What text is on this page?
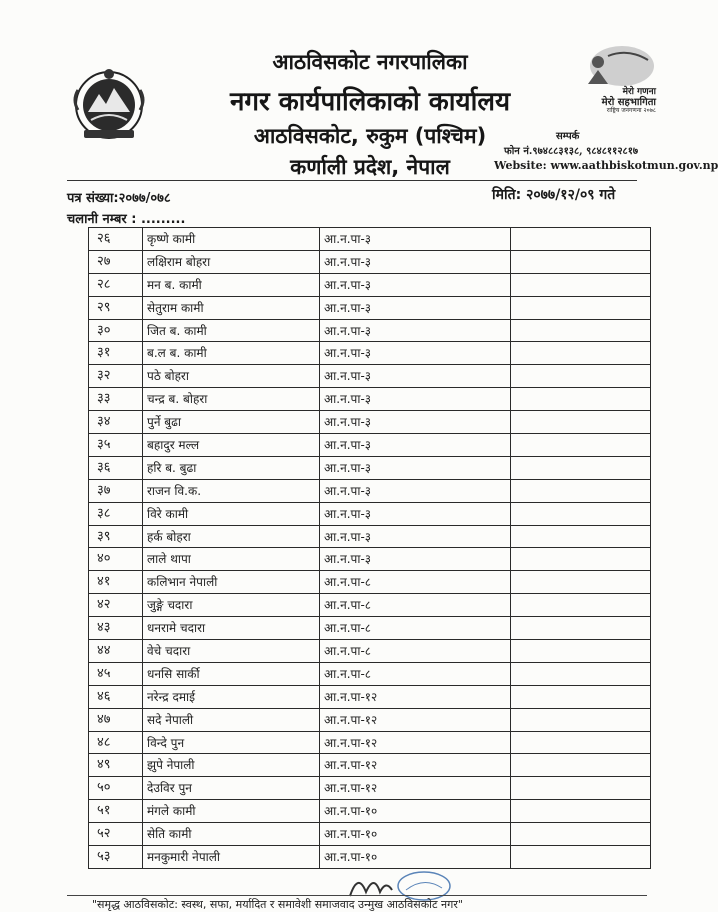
आठविसकोट नगरपालिका
नगर कार्यपालिकाको कार्यालय
आठविसकोट, रुकुम (पश्चिम)
कर्णाली प्रदेश, नेपाल
मेरो गणना
मेरो सहभागिता
राष्ट्रिय जनगणना २०७८
सम्पर्क
फोन नं.९७४८८३१३८, ९८४८११२८१७
Website: www.aathbiskotmun.gov.np
पत्र संख्या:२०७७/०७८	मिति: २०७७/१२/०९ गते
चलानी नम्बर : .........
२६	कृष्णे कामी	आ.न.पा-३	
२७	लक्षिराम बोहरा	आ.न.पा-३	
२८	मन ब. कामी	आ.न.पा-३	
२९	सेतुराम कामी	आ.न.पा-३	
३०	जित ब. कामी	आ.न.पा-३	
३१	ब.ल ब. कामी	आ.न.पा-३	
३२	पठे बोहरा	आ.न.पा-३	
३३	चन्द्र ब. बोहरा	आ.न.पा-३	
३४	पुर्ने बुढा	आ.न.पा-३	
३५	बहादुर मल्ल	आ.न.पा-३	
३६	हरि ब. बुढा	आ.न.पा-३	
३७	राजन वि.क.	आ.न.पा-३	
३८	विरे कामी	आ.न.पा-३	
३९	हर्क बोहरा	आ.न.पा-३	
४०	लाले थापा	आ.न.पा-३	
४१	कलिभान नेपाली	आ.न.पा-८	
४२	जुङ्गे चदारा	आ.न.पा-८	
४३	धनरामे चदारा	आ.न.पा-८	
४४	वेचे चदारा	आ.न.पा-८	
४५	धनसि सार्की	आ.न.पा-८	
४६	नरेन्द्र दमाई	आ.न.पा-१२	
४७	सदे नेपाली	आ.न.पा-१२	
४८	विन्दे पुन	आ.न.पा-१२	
४९	झुपे नेपाली	आ.न.पा-१२	
५०	देउविर पुन	आ.न.पा-१२	
५१	मंगले कामी	आ.न.पा-१०	
५२	सेति कामी	आ.न.पा-१०	
५३	मनकुमारी नेपाली	आ.न.पा-१०	
"समृद्ध आठविसकोट: स्वस्थ, सफा, मर्यादित र समावेशी समाजवाद उन्मुख आठविसकोट नगर"
